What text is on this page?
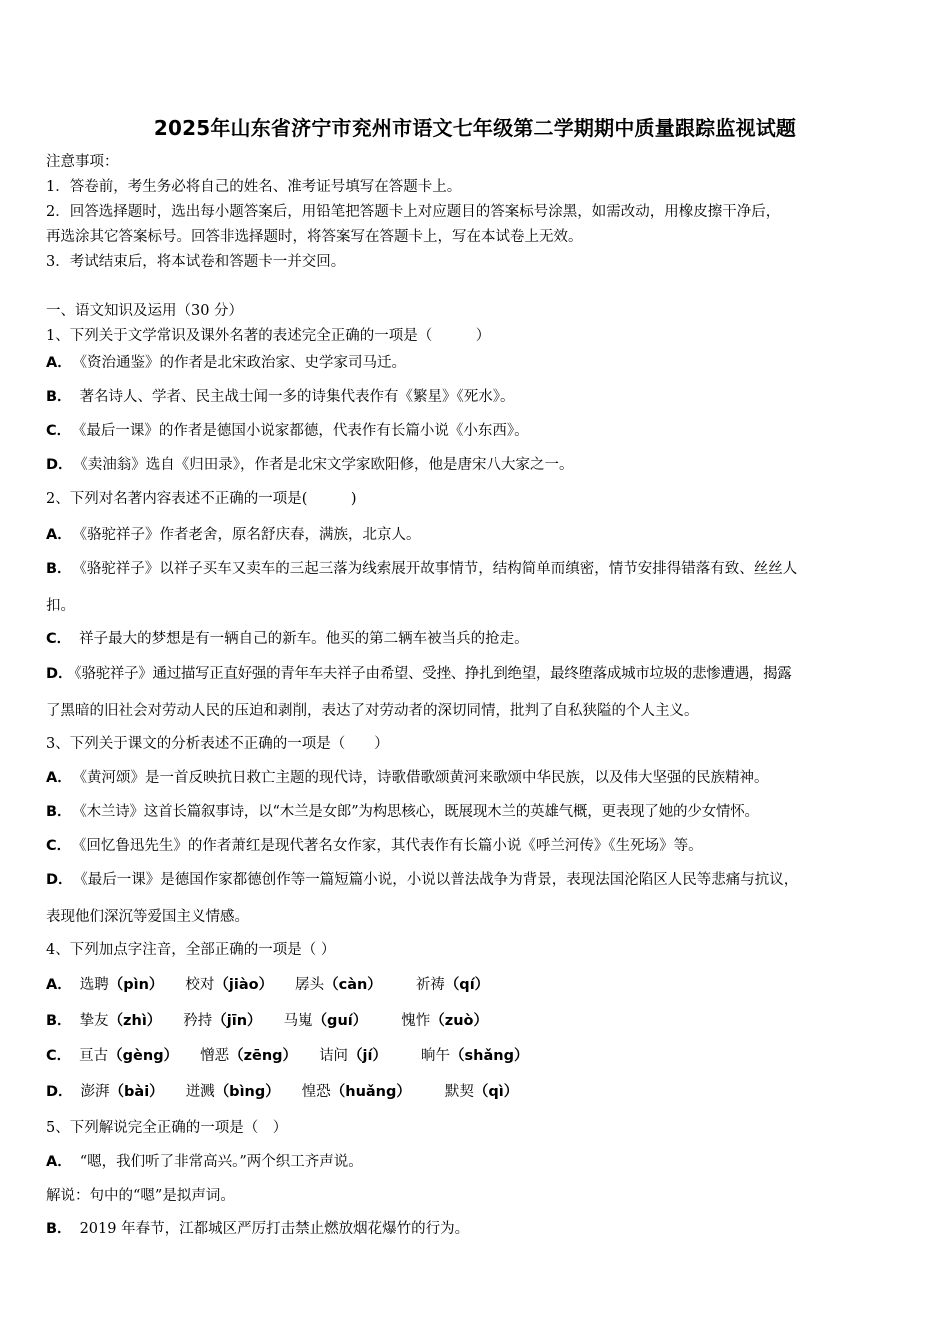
2025年山东省济宁市兖州市语文七年级第二学期期中质量跟踪监视试题
注意事项：
1．答卷前，考生务必将自己的姓名、准考证号填写在答题卡上。
2．回答选择题时，选出每小题答案后，用铅笔把答题卡上对应题目的答案标号涂黑，如需改动，用橡皮擦干净后，
再选涂其它答案标号。回答非选择题时，将答案写在答题卡上，写在本试卷上无效。
3．考试结束后，将本试卷和答题卡一并交回。
一、语文知识及运用（30 分）
1、下列关于文学常识及课外名著的表述完全正确的一项是（　　　）
A． 《资治通鉴》的作者是北宋政治家、史学家司马迁。
B． 著名诗人、学者、民主战士闻一多的诗集代表作有《繁星》《死水》。
C． 《最后一课》的作者是德国小说家都德，代表作有长篇小说《小东西》。
D． 《卖油翁》选自《归田录》，作者是北宋文学家欧阳修，他是唐宋八大家之一。
2、下列对名著内容表述不正确的一项是(　　　)
A． 《骆驼祥子》作者老舍，原名舒庆春，满族，北京人。
B． 《骆驼祥子》以祥子买车又卖车的三起三落为线索展开故事情节，结构简单而缜密，情节安排得错落有致、丝丝人
扣。
C． 祥子最大的梦想是有一辆自己的新车。他买的第二辆车被当兵的抢走。
D． 《骆驼祥子》通过描写正直好强的青年车夫祥子由希望、受挫、挣扎到绝望，最终堕落成城市垃圾的悲惨遭遇，揭露
了黑暗的旧社会对劳动人民的压迫和剥削，表达了对劳动者的深切同情，批判了自私狭隘的个人主义。
3、下列关于课文的分析表述不正确的一项是（　　）
A． 《黄河颂》是一首反映抗日救亡主题的现代诗，诗歌借歌颂黄河来歌颂中华民族，以及伟大坚强的民族精神。
B． 《木兰诗》这首长篇叙事诗，以“木兰是女郎”为构思核心，既展现木兰的英雄气概，更表现了她的少女情怀。
C． 《回忆鲁迅先生》的作者萧红是现代著名女作家，其代表作有长篇小说《呼兰河传》《生死场》等。
D． 《最后一课》是德国作家都德创作等一篇短篇小说，小说以普法战争为背景，表现法国沦陷区人民等悲痛与抗议，
表现他们深沉等爱国主义情感。
4、下列加点字注音，全部正确的一项是（ ）
A． 选聘（pìn） 校对（jiào） 孱头（càn） 祈祷（qí）
B． 挚友（zhì） 矜持（jīn） 马嵬（guí） 愧怍（zuò）
C． 亘古（gèng） 憎恶（zēng） 诘问（jí） 晌午（shǎng）
D． 澎湃（bài） 迸溅（bìng） 惶恐（huǎng） 默契（qì）
5、下列解说完全正确的一项是（　）
A． “嗯，我们听了非常高兴。”两个织工齐声说。
解说：句中的“嗯”是拟声词。
B． 2019 年春节，江都城区严厉打击禁止燃放烟花爆竹的行为。
